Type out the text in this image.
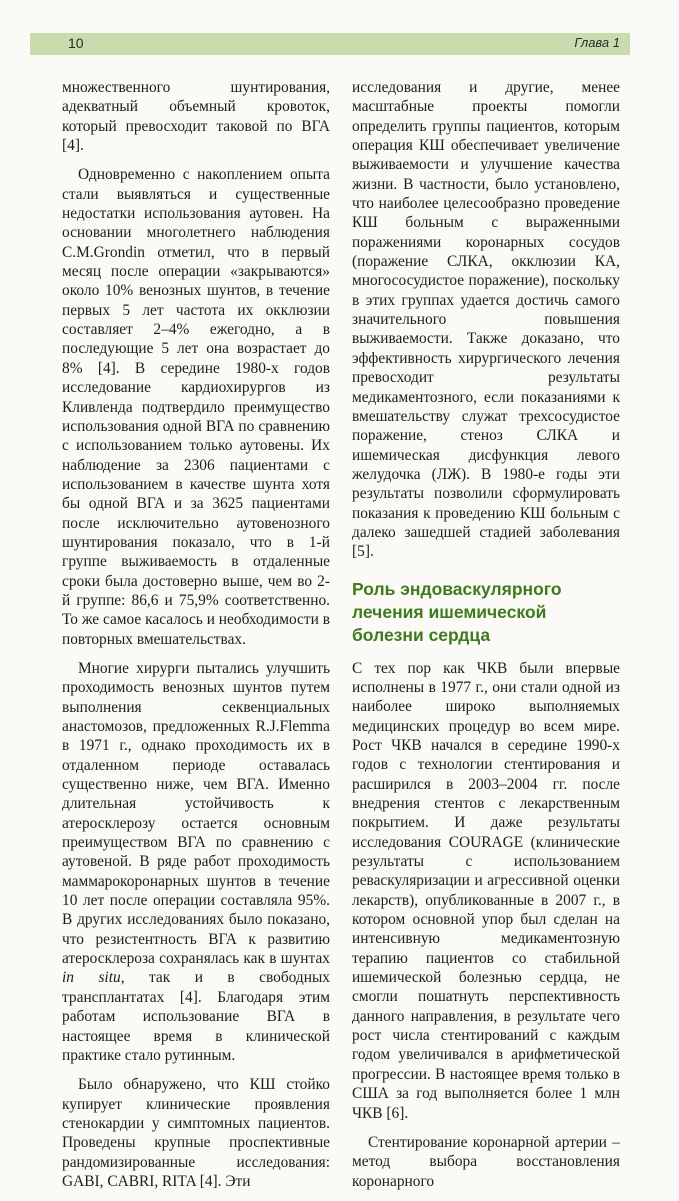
10	Глава 1

множественного шунтирования, адекватный объемный кровоток, который превосходит таковой по ВГА [4].

Одновременно с накоплением опыта стали выявляться и существенные недостатки использования аутовен. На основании многолетнего наблюдения C.M.Grondin отметил, что в первый месяц после операции «закрываются» около 10% венозных шунтов, в течение первых 5 лет частота их окклюзии составляет 2–4% ежегодно, а в последующие 5 лет она возрастает до 8% [4]. В середине 1980-х годов исследование кардиохирургов из Кливленда подтвердило преимущество использования одной ВГА по сравнению с использованием только аутовены. Их наблюдение за 2306 пациентами с использованием в качестве шунта хотя бы одной ВГА и за 3625 пациентами после исключительно аутовенозного шунтирования показало, что в 1-й группе выживаемость в отдаленные сроки была достоверно выше, чем во 2-й группе: 86,6 и 75,9% соответственно. То же самое касалось и необходимости в повторных вмешательствах.

Многие хирурги пытались улучшить проходимость венозных шунтов путем выполнения секвенциальных анастомозов, предложенных R.J.Flemma в 1971 г., однако проходимость их в отдаленном периоде оставалась существенно ниже, чем ВГА. Именно длительная устойчивость к атеросклерозу остается основным преимуществом ВГА по сравнению с аутовеной. В ряде работ проходимость маммарокоронарных шунтов в течение 10 лет после операции составляла 95%. В других исследованиях было показано, что резистентность ВГА к развитию атеросклероза сохранялась как в шунтах in situ, так и в свободных трансплантатах [4]. Благодаря этим работам использование ВГА в настоящее время в клинической практике стало рутинным.

Было обнаружено, что КШ стойко купирует клинические проявления стенокардии у симптомных пациентов. Проведены крупные проспективные рандомизированные исследования: GABI, CABRI, RITA [4]. Эти

исследования и другие, менее масштабные проекты помогли определить группы пациентов, которым операция КШ обеспечивает увеличение выживаемости и улучшение качества жизни. В частности, было установлено, что наиболее целесообразно проведение КШ больным с выраженными поражениями коронарных сосудов (поражение СЛКА, окклюзии КА, многососудистое поражение), поскольку в этих группах удается достичь самого значительного повышения выживаемости. Также доказано, что эффективность хирургического лечения превосходит результаты медикаментозного, если показаниями к вмешательству служат трехсосудистое поражение, стеноз СЛКА и ишемическая дисфункция левого желудочка (ЛЖ). В 1980-е годы эти результаты позволили сформулировать показания к проведению КШ больным с далеко зашедшей стадией заболевания [5].

Роль эндоваскулярного лечения ишемической болезни сердца

С тех пор как ЧКВ были впервые исполнены в 1977 г., они стали одной из наиболее широко выполняемых медицинских процедур во всем мире. Рост ЧКВ начался в середине 1990-х годов с технологии стентирования и расширился в 2003–2004 гг. после внедрения стентов с лекарственным покрытием. И даже результаты исследования COURAGE (клинические результаты с использованием реваскуляризации и агрессивной оценки лекарств), опубликованные в 2007 г., в котором основной упор был сделан на интенсивную медикаментозную терапию пациентов со стабильной ишемической болезнью сердца, не смогли пошатнуть перспективность данного направления, в результате чего рост числа стентирований с каждым годом увеличивался в арифметической прогрессии. В настоящее время только в США за год выполняется более 1 млн ЧКВ [6].

Стентирование коронарной артерии – метод выбора восстановления коронарного
